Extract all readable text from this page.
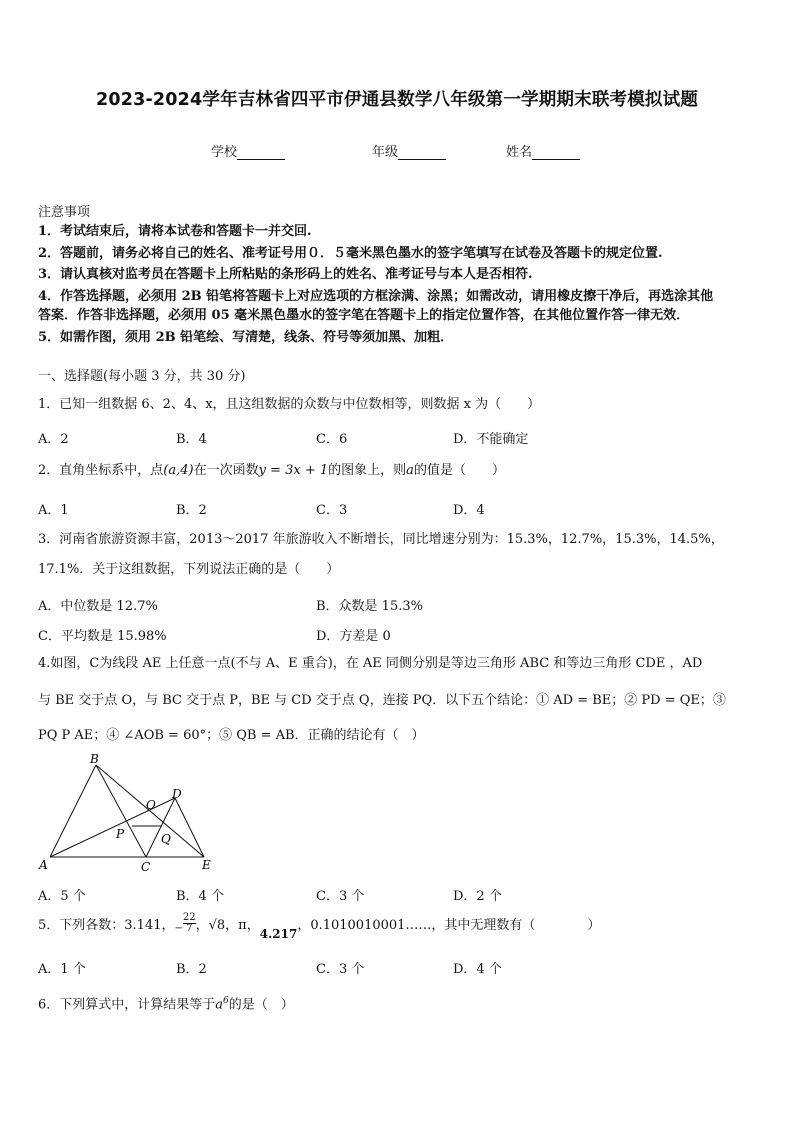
2023-2024学年吉林省四平市伊通县数学八年级第一学期期末联考模拟试题
学校	年级	姓名
注意事项
1．考试结束后，请将本试卷和答题卡一并交回.
2．答题前，请务必将自己的姓名、准考证号用０．５毫米黑色墨水的签字笔填写在试卷及答题卡的规定位置.
3．请认真核对监考员在答题卡上所粘贴的条形码上的姓名、准考证号与本人是否相符.
4．作答选择题，必须用 2B 铅笔将答题卡上对应选项的方框涂满、涂黑；如需改动，请用橡皮擦干净后，再选涂其他
答案．作答非选择题，必须用 05 毫米黑色墨水的签字笔在答题卡上的指定位置作答，在其他位置作答一律无效．
5．如需作图，须用 2B 铅笔绘、写清楚，线条、符号等须加黑、加粗．
一、选择题(每小题 3 分，共 30 分)
1．已知一组数据 6、2、4、x，且这组数据的众数与中位数相等，则数据 x 为（　　）
A．2	B．4	C．6	D．不能确定
2．直角坐标系中，点(a,4)在一次函数y = 3x + 1的图象上，则a的值是（　　）
A．1	B．2	C．3	D．4
3．河南省旅游资源丰富，2013～2017 年旅游收入不断增长，同比增速分别为：15.3%，12.7%，15.3%，14.5%，
17.1%．关于这组数据，下列说法正确的是（　　）
A．中位数是 12.7%	B．众数是 15.3%
C．平均数是 15.98%	D．方差是 0
4.如图，C为线段 AE 上任意一点(不与 A、E 重合)，在 AE 同侧分别是等边三角形 ABC 和等边三角形 CDE ，AD
与 BE 交于点 O，与 BC 交于点 P，BE 与 CD 交于点 Q，连接 PQ．以下五个结论：① AD = BE；② PD = QE；③
PQ P AE；④ ∠AOB = 60°；⑤ QB = AB．正确的结论有（　）
B
O
D
P	Q
A	C	E
A．5 个	B．4 个	C．3 个	D．2 个
5．下列各数：3.141，− $\frac{22}{7}$ ，√8，π，4.217，0.1010010001……，其中无理数有（　　　　）
A．1 个	B．2	C．3 个	D．4 个
6．下列算式中，计算结果等于$a^6$的是（　）
